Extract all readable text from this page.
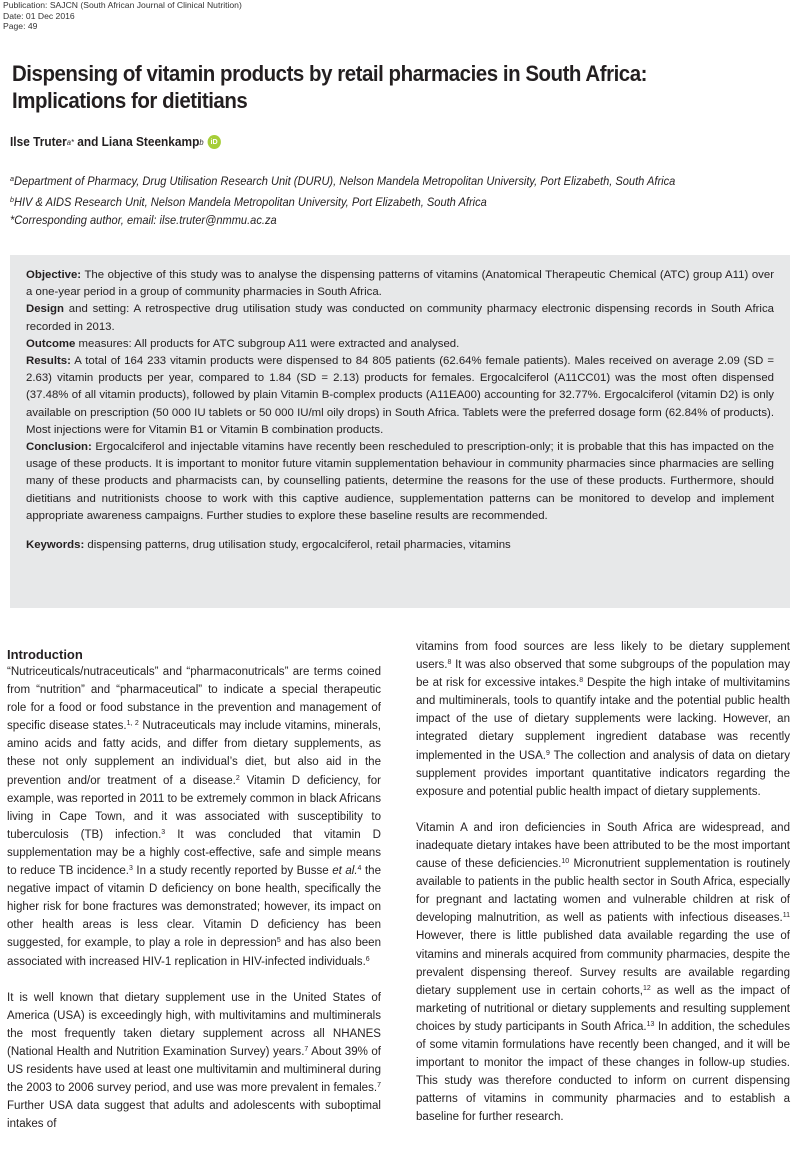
Publication: SAJCN (South African Journal of Clinical Nutrition)
Date: 01 Dec 2016
Page: 49
Dispensing of vitamin products by retail pharmacies in South Africa:
Implications for dietitians
Ilse Truter a* and Liana Steenkamp b iD
$^a$Department of Pharmacy, Drug Utilisation Research Unit (DURU), Nelson Mandela Metropolitan University, Port Elizabeth, South Africa
$^b$HIV & AIDS Research Unit, Nelson Mandela Metropolitan University, Port Elizabeth, South Africa
*Corresponding author, email: ilse.truter@nmmu.ac.za

Objective: The objective of this study was to analyse the dispensing patterns of vitamins (Anatomical Therapeutic Chemical (ATC) group A11) over a one-year period in a group of community pharmacies in South Africa.

Design and setting: A retrospective drug utilisation study was conducted on community pharmacy electronic dispensing records in South Africa recorded in 2013.

Outcome measures: All products for ATC subgroup A11 were extracted and analysed.

Results: A total of 164 233 vitamin products were dispensed to 84 805 patients (62.64% female patients). Males received on average 2.09 (SD = 2.63) vitamin products per year, compared to 1.84 (SD = 2.13) products for females. Ergocalciferol (A11CC01) was the most often dispensed (37.48% of all vitamin products), followed by plain Vitamin B-complex products (A11EA00) accounting for 32.77%. Ergocalciferol (vitamin D2) is only available on prescription (50 000 IU tablets or 50 000 IU/ml oily drops) in South Africa. Tablets were the preferred dosage form (62.84% of products). Most injections were for Vitamin B1 or Vitamin B combination products.

Conclusion: Ergocalciferol and injectable vitamins have recently been rescheduled to prescription-only; it is probable that this has impacted on the usage of these products. It is important to monitor future vitamin supplementation behaviour in community pharmacies since pharmacies are selling many of these products and pharmacists can, by counselling patients, determine the reasons for the use of these products. Furthermore, should dietitians and nutritionists choose to work with this captive audience, supplementation patterns can be monitored to develop and implement appropriate awareness campaigns. Further studies to explore these baseline results are recommended.

Keywords: dispensing patterns, drug utilisation study, ergocalciferol, retail pharmacies, vitamins

Introduction

“Nutriceuticals/nutraceuticals” and “pharmaconutricals” are terms coined from “nutrition” and “pharmaceutical” to indicate a special therapeutic role for a food or food substance in the prevention and management of specific disease states.$^{1, 2}$ Nutraceuticals may include vitamins, minerals, amino acids and fatty acids, and differ from dietary supplements, as these not only supplement an individual’s diet, but also aid in the prevention and/or treatment of a disease.$^2$ Vitamin D deficiency, for example, was reported in 2011 to be extremely common in black Africans living in Cape Town, and it was associated with susceptibility to tuberculosis (TB) infection.$^3$ It was concluded that vitamin D supplementation may be a highly cost-effective, safe and simple means to reduce TB incidence.$^3$ In a study recently reported by Busse et al.$^4$ the negative impact of vitamin D deficiency on bone health, specifically the higher risk for bone fractures was demonstrated; however, its impact on other health areas is less clear. Vitamin D deficiency has been suggested, for example, to play a role in depression$^5$ and has also been associated with increased HIV-1 replication in HIV-infected individuals.$^6$

It is well known that dietary supplement use in the United States of America (USA) is exceedingly high, with multivitamins and multiminerals the most frequently taken dietary supplement across all NHANES (National Health and Nutrition Examination Survey) years.$^7$ About 39% of US residents have used at least one multivitamin and multimineral during the 2003 to 2006 survey period, and use was more prevalent in females.$^7$ Further USA data suggest that adults and adolescents with suboptimal intakes of

vitamins from food sources are less likely to be dietary supplement users.$^8$ It was also observed that some subgroups of the population may be at risk for excessive intakes.$^8$ Despite the high intake of multivitamins and multiminerals, tools to quantify intake and the potential public health impact of the use of dietary supplements were lacking. However, an integrated dietary supplement ingredient database was recently implemented in the USA.$^9$ The collection and analysis of data on dietary supplement provides important quantitative indicators regarding the exposure and potential public health impact of dietary supplements.

Vitamin A and iron deficiencies in South Africa are widespread, and inadequate dietary intakes have been attributed to be the most important cause of these deficiencies.$^{10}$ Micronutrient supplementation is routinely available to patients in the public health sector in South Africa, especially for pregnant and lactating women and vulnerable children at risk of developing malnutrition, as well as patients with infectious diseases.$^{11}$ However, there is little published data available regarding the use of vitamins and minerals acquired from community pharmacies, despite the prevalent dispensing thereof. Survey results are available regarding dietary supplement use in certain cohorts,$^{12}$ as well as the impact of marketing of nutritional or dietary supplements and resulting supplement choices by study participants in South Africa.$^{13}$ In addition, the schedules of some vitamin formulations have recently been changed, and it will be important to monitor the impact of these changes in follow-up studies. This study was therefore conducted to inform on current dispensing patterns of vitamins in community pharmacies and to establish a baseline for further research.
